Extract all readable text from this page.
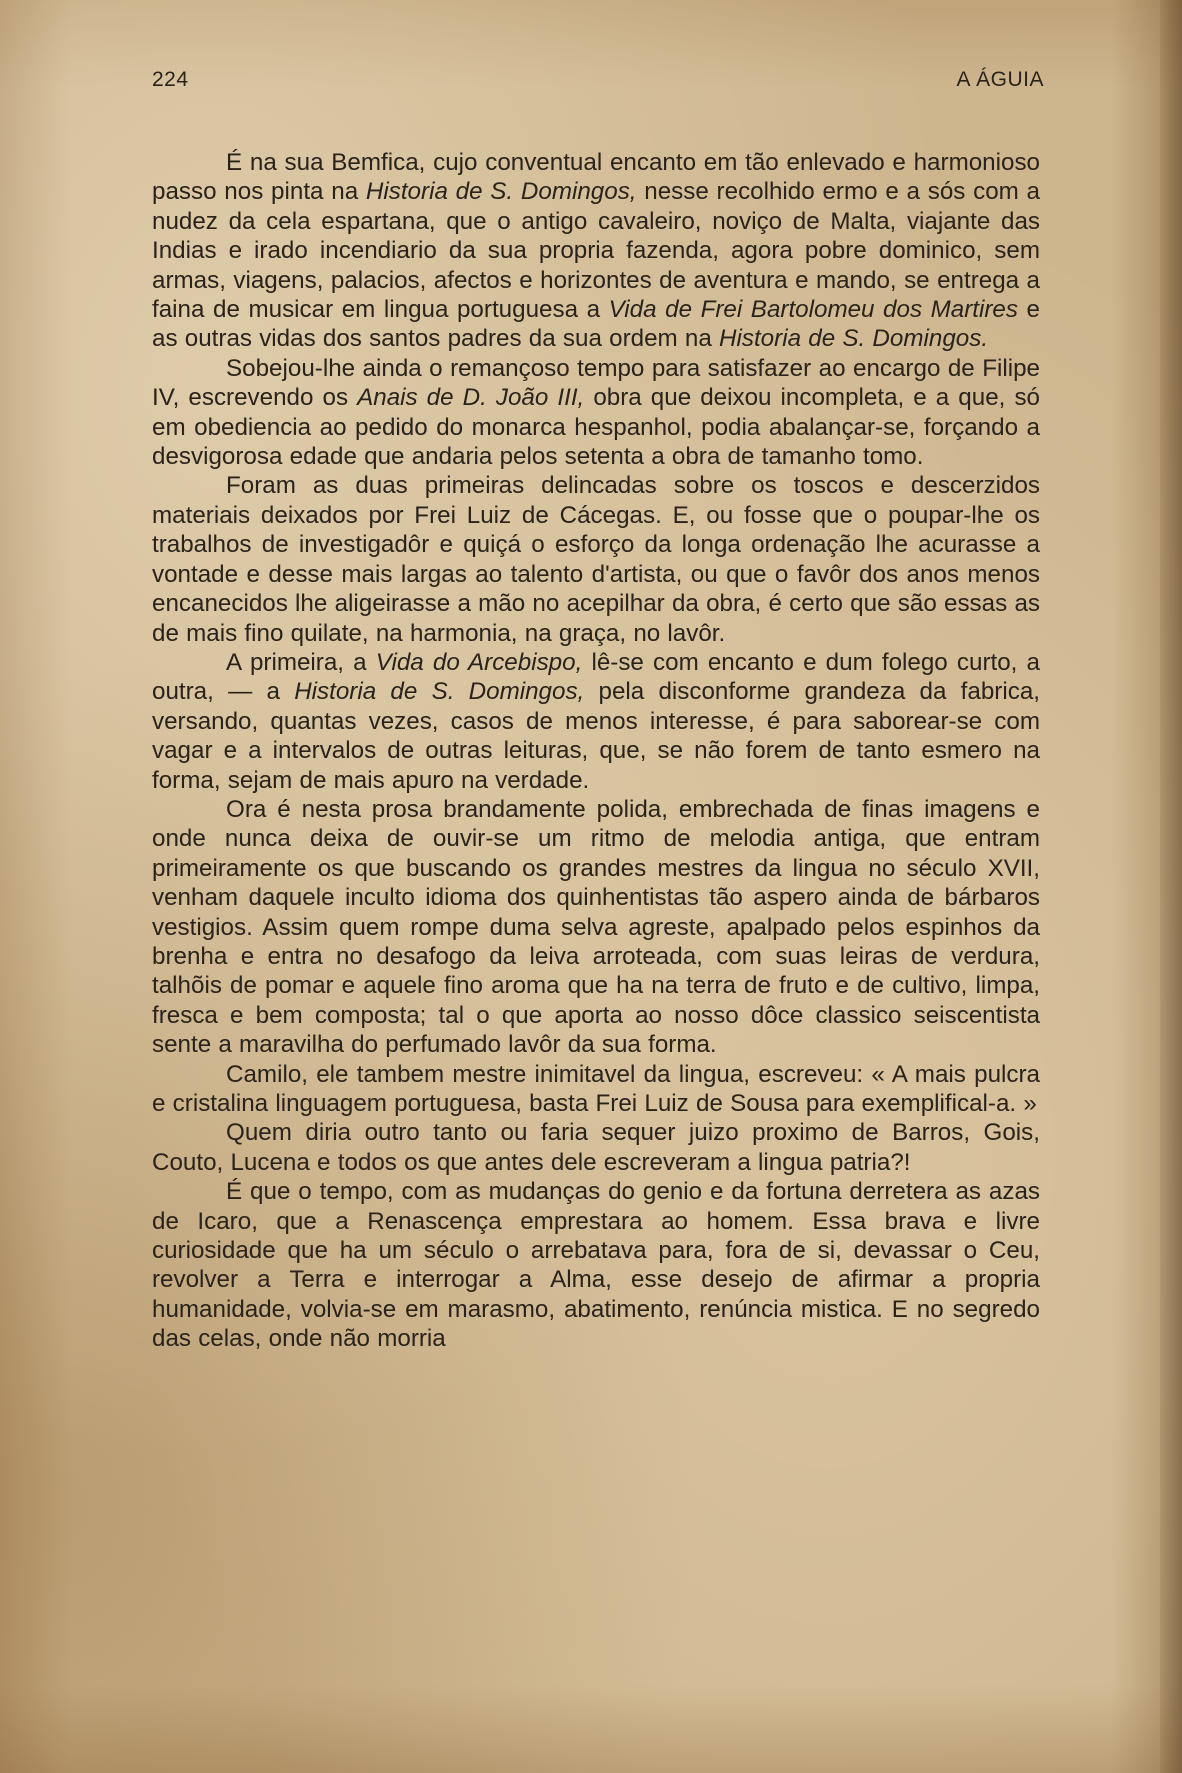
224	A ÁGUIA

É na sua Bemfica, cujo conventual encanto em tão enlevado e harmonioso passo nos pinta na Historia de S. Domingos, nesse recolhido ermo e a sós com a nudez da cela espartana, que o antigo cavaleiro, noviço de Malta, viajante das Indias e irado incendiario da sua propria fazenda, agora pobre dominico, sem armas, viagens, palacios, afectos e horizontes de aventura e mando, se entrega a faina de musicar em lingua portuguesa a Vida de Frei Bartolomeu dos Martires e as outras vidas dos santos padres da sua ordem na Historia de S. Domingos.

Sobejou-lhe ainda o remançoso tempo para satisfazer ao encargo de Filipe IV, escrevendo os Anais de D. João III, obra que deixou incompleta, e a que, só em obediencia ao pedido do monarca hespanhol, podia abalançar-se, forçando a desvigorosa edade que andaria pelos setenta a obra de tamanho tomo.

Foram as duas primeiras delincadas sobre os toscos e descerzidos materiais deixados por Frei Luiz de Cácegas. E, ou fosse que o poupar-lhe os trabalhos de investigadôr e quiçá o esforço da longa ordenação lhe acurasse a vontade e desse mais largas ao talento d'artista, ou que o favôr dos anos menos encanecidos lhe aligeirasse a mão no acepilhar da obra, é certo que são essas as de mais fino quilate, na harmonia, na graça, no lavôr.

A primeira, a Vida do Arcebispo, lê-se com encanto e dum folego curto, a outra, — a Historia de S. Domingos, pela disconforme grandeza da fabrica, versando, quantas vezes, casos de menos interesse, é para saborear-se com vagar e a intervalos de outras leituras, que, se não forem de tanto esmero na forma, sejam de mais apuro na verdade.

Ora é nesta prosa brandamente polida, embrechada de finas imagens e onde nunca deixa de ouvir-se um ritmo de melodia antiga, que entram primeiramente os que buscando os grandes mestres da lingua no século XVII, venham daquele inculto idioma dos quinhentistas tão aspero ainda de bárbaros vestigios. Assim quem rompe duma selva agreste, apalpado pelos espinhos da brenha e entra no desafogo da leiva arroteada, com suas leiras de verdura, talhõis de pomar e aquele fino aroma que ha na terra de fruto e de cultivo, limpa, fresca e bem composta; tal o que aporta ao nosso dôce classico seiscentista sente a maravilha do perfumado lavôr da sua forma.

Camilo, ele tambem mestre inimitavel da lingua, escreveu: « A mais pulcra e cristalina linguagem portuguesa, basta Frei Luiz de Sousa para exemplifical-a. »

Quem diria outro tanto ou faria sequer juizo proximo de Barros, Gois, Couto, Lucena e todos os que antes dele escreveram a lingua patria?!

É que o tempo, com as mudanças do genio e da fortuna derretera as azas de Icaro, que a Renascença emprestara ao homem. Essa brava e livre curiosidade que ha um século o arrebatava para, fora de si, devassar o Ceu, revolver a Terra e interrogar a Alma, esse desejo de afirmar a propria humanidade, volvia-se em marasmo, abatimento, renúncia mistica. E no segredo das celas, onde não morria
